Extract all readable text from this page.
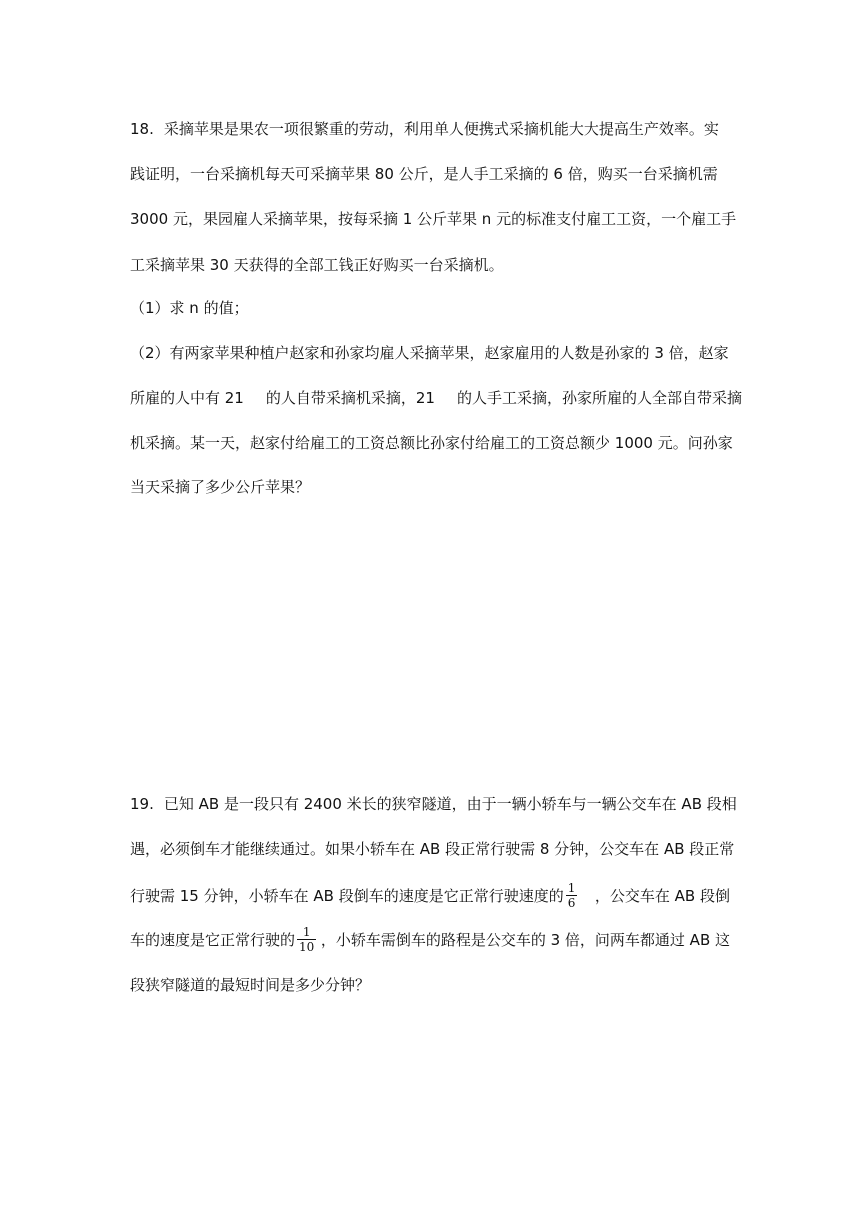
18. 采摘苹果是果农一项很繁重的劳动，利用单人便携式采摘机能大大提高生产效率。实
践证明，一台采摘机每天可采摘苹果 80 公斤，是人手工采摘的 6 倍，购买一台采摘机需
3000 元，果园雇人采摘苹果，按每采摘 1 公斤苹果 n 元的标准支付雇工工资，一个雇工手
工采摘苹果 30 天获得的全部工钱正好购买一台采摘机。
（1）求 n 的值；
（2）有两家苹果种植户赵家和孙家均雇人采摘苹果，赵家雇用的人数是孙家的 3 倍，赵家
所雇的人中有 21 的人自带采摘机采摘，21 的人手工采摘，孙家所雇的人全部自带采摘
机采摘。某一天，赵家付给雇工的工资总额比孙家付给雇工的工资总额少 1000 元。问孙家
当天采摘了多少公斤苹果？
19. 已知 AB 是一段只有 2400 米长的狭窄隧道，由于一辆小轿车与一辆公交车在 AB 段相
遇，必须倒车才能继续通过。如果小轿车在 AB 段正常行驶需 8 分钟，公交车在 AB 段正常
行驶需 15 分钟，小轿车在 AB 段倒车的速度是它正常行驶速度的 $\frac{1}{6}$ ，公交车在 AB 段倒
车的速度是它正常行驶的 $\frac{1}{10}$ ，小轿车需倒车的路程是公交车的 3 倍，问两车都通过 AB 这
段狭窄隧道的最短时间是多少分钟？
